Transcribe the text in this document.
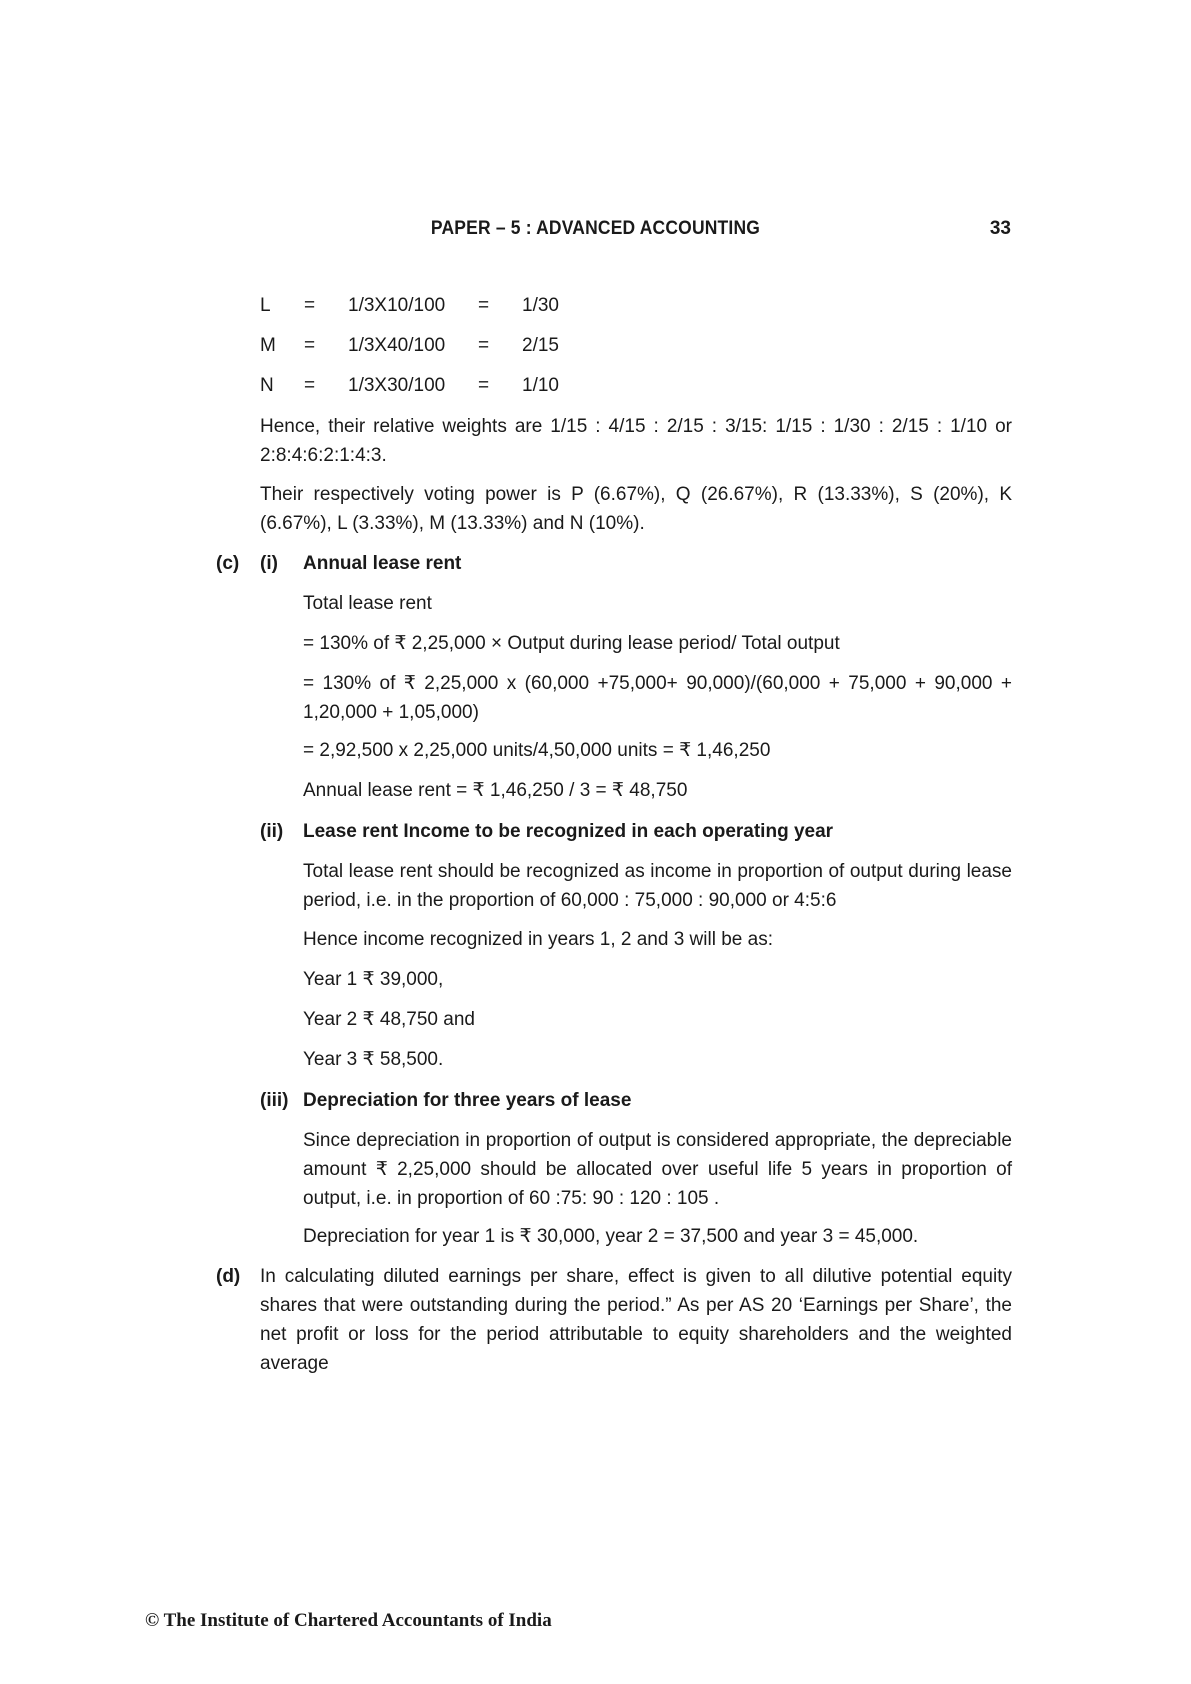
PAPER – 5 : ADVANCED ACCOUNTING	33
L = 1/3X10/100 = 1/30
M = 1/3X40/100 = 2/15
N = 1/3X30/100 = 1/10
Hence, their relative weights are 1/15 : 4/15 : 2/15 : 3/15: 1/15 : 1/30 : 2/15 : 1/10 or 2:8:4:6:2:1:4:3.
Their respectively voting power is P (6.67%), Q (26.67%), R (13.33%), S (20%), K (6.67%), L (3.33%), M (13.33%) and N (10%).
(c) (i) Annual lease rent
Total lease rent
= 130% of ₹ 2,25,000 × Output during lease period/ Total output
= 130% of ₹ 2,25,000 x (60,000 +75,000+ 90,000)/(60,000 + 75,000 + 90,000 + 1,20,000 + 1,05,000)
= 2,92,500 x 2,25,000 units/4,50,000 units = ₹ 1,46,250
Annual lease rent = ₹ 1,46,250 / 3 = ₹ 48,750
(ii) Lease rent Income to be recognized in each operating year
Total lease rent should be recognized as income in proportion of output during lease period, i.e. in the proportion of 60,000 : 75,000 : 90,000 or 4:5:6
Hence income recognized in years 1, 2 and 3 will be as:
Year 1 ₹ 39,000,
Year 2 ₹ 48,750 and
Year 3 ₹ 58,500.
(iii) Depreciation for three years of lease
Since depreciation in proportion of output is considered appropriate, the depreciable amount ₹ 2,25,000 should be allocated over useful life 5 years in proportion of output, i.e. in proportion of 60 :75: 90 : 120 : 105 .
Depreciation for year 1 is ₹ 30,000, year 2 = 37,500 and year 3 = 45,000.
(d) In calculating diluted earnings per share, effect is given to all dilutive potential equity shares that were outstanding during the period.” As per AS 20 ‘Earnings per Share’, the net profit or loss for the period attributable to equity shareholders and the weighted average
© The Institute of Chartered Accountants of India
